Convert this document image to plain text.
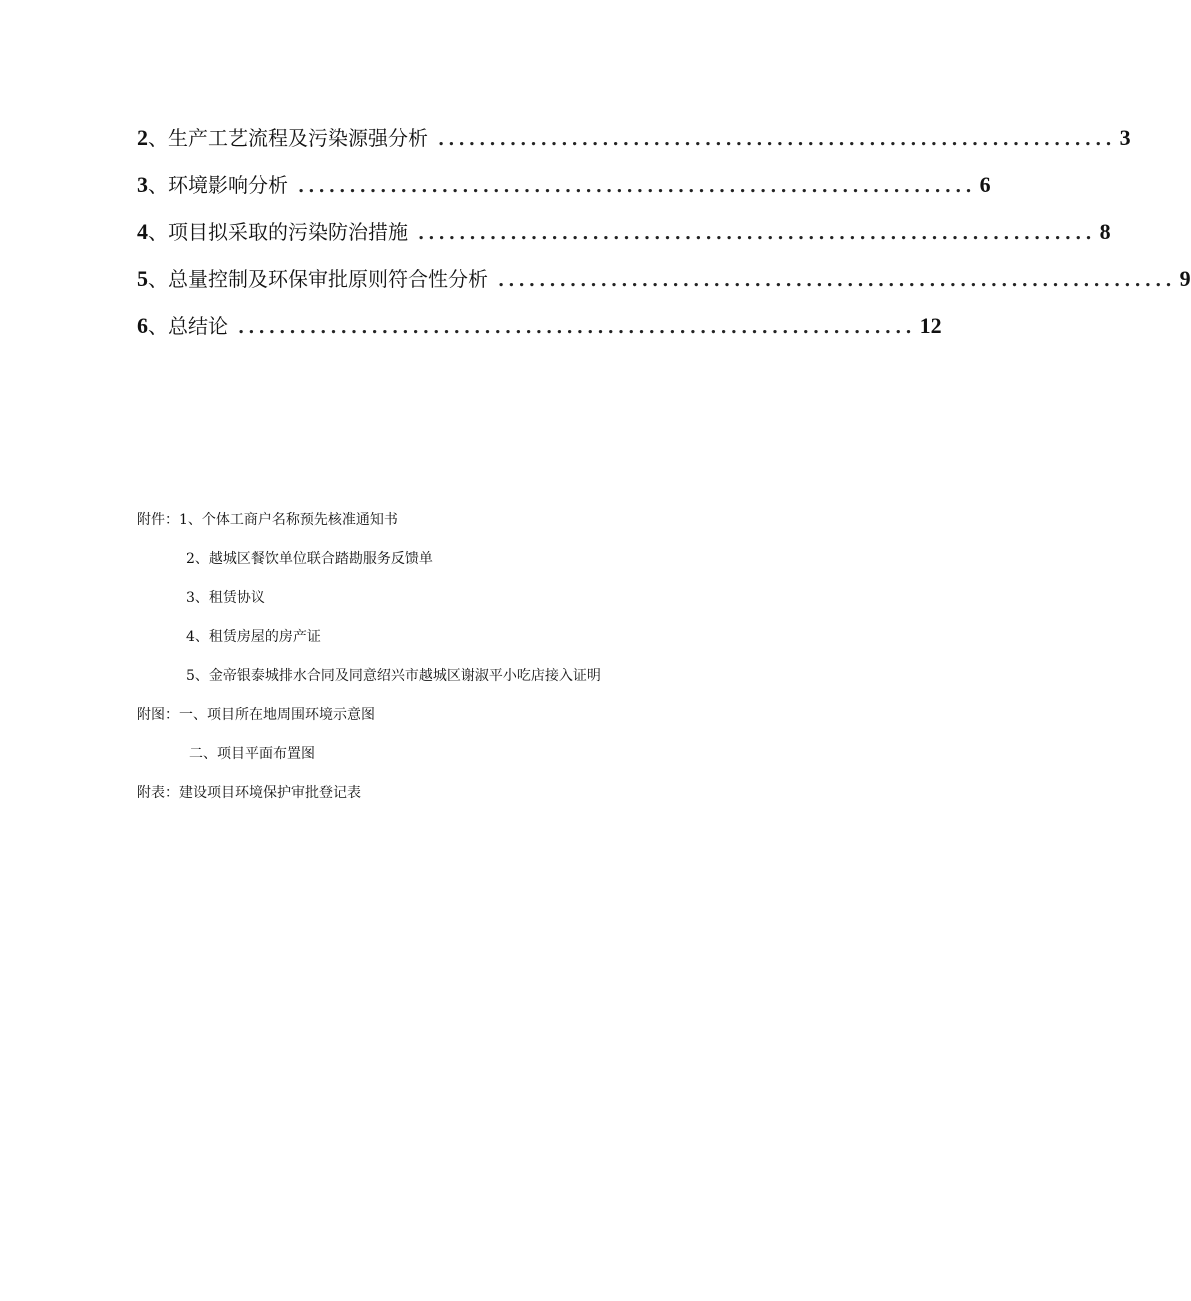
2 、 生产工艺流程及污染源强分析 .................................................................. 3
3 、 环境影响分析 .................................................................. 6
4 、 项目拟采取的污染防治措施 .................................................................. 8
5 、 总量控制及环保审批原则符合性分析 .................................................................. 9
6 、 总结论 .................................................................. 12
附件：1、个体工商户名称预先核准通知书
2、越城区餐饮单位联合踏勘服务反馈单
3、租赁协议
4、租赁房屋的房产证
5、金帝银泰城排水合同及同意绍兴市越城区谢淑平小吃店接入证明
附图：一、项目所在地周围环境示意图
二、项目平面布置图
附表：建设项目环境保护审批登记表
